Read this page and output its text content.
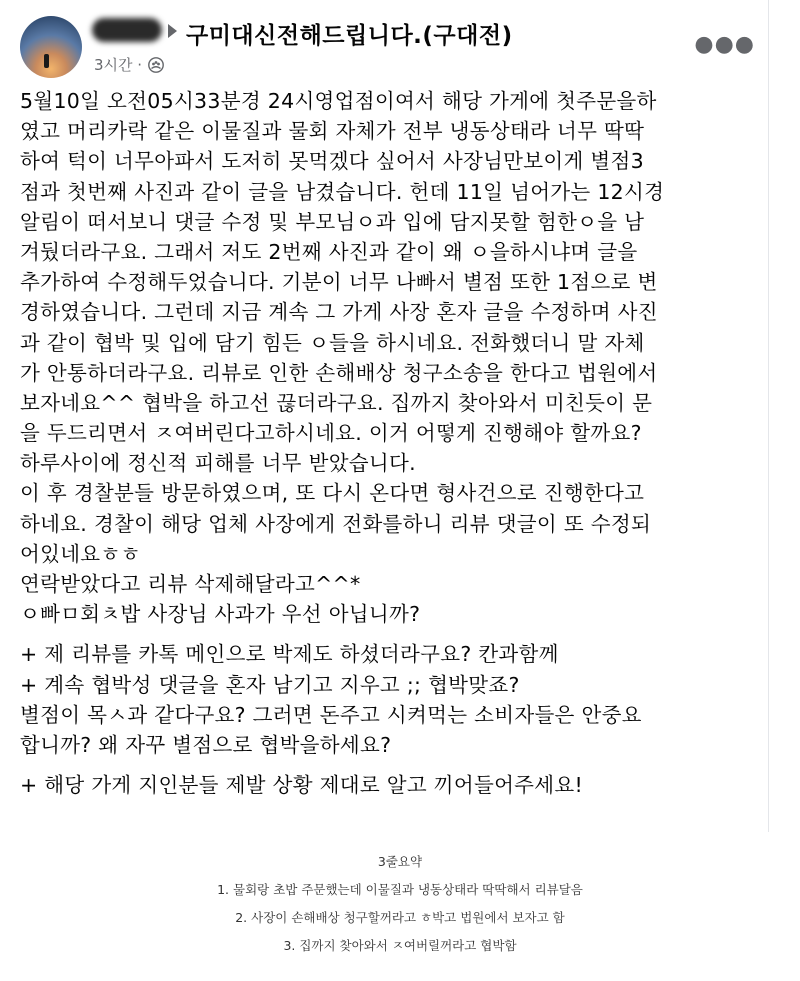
구미대신전해드립니다.(구대전)
3시간 ·
●●●
5월10일 오전05시33분경 24시영업점이여서 해당 가게에 첫주문을하
였고 머리카락 같은 이물질과 물회 자체가 전부 냉동상태라 너무 딱딱
하여 턱이 너무아파서 도저히 못먹겠다 싶어서 사장님만보이게 별점3
점과 첫번째 사진과 같이 글을 남겼습니다. 헌데 11일 넘어가는 12시경
알림이 떠서보니 댓글 수정 및 부모님ㅇ과 입에 담지못할 험한ㅇ을 남
겨뒀더라구요. 그래서 저도 2번째 사진과 같이 왜 ㅇ을하시냐며 글을
추가하여 수정해두었습니다. 기분이 너무 나빠서 별점 또한 1점으로 변
경하였습니다. 그런데 지금 계속 그 가게 사장 혼자 글을 수정하며 사진
과 같이 협박 및 입에 담기 힘든 ㅇ들을 하시네요. 전화했더니 말 자체
가 안통하더라구요. 리뷰로 인한 손해배상 청구소송을 한다고 법원에서
보자네요^^ 협박을 하고선 끊더라구요. 집까지 찾아와서 미친듯이 문
을 두드리면서 ㅈ여버린다고하시네요. 이거 어떻게 진행해야 할까요?
하루사이에 정신적 피해를 너무 받았습니다.
이 후 경찰분들 방문하였으며, 또 다시 온다면 형사건으로 진행한다고
하네요. 경찰이 해당 업체 사장에게 전화를하니 리뷰 댓글이 또 수정되
어있네요ㅎㅎ
연락받았다고 리뷰 삭제해달라고^^*
ㅇ빠ㅁ회ㅊ밥 사장님 사과가 우선 아닙니까?
+ 제 리뷰를 카톡 메인으로 박제도 하셨더라구요? 칸과함께
+ 계속 협박성 댓글을 혼자 남기고 지우고 ;; 협박맞죠?
별점이 목ㅅ과 같다구요? 그러면 돈주고 시켜먹는 소비자들은 안중요
합니까? 왜 자꾸 별점으로 협박을하세요?
+ 해당 가게 지인분들 제발 상황 제대로 알고 끼어들어주세요!
3줄요약
1. 물회랑 초밥 주문했는데 이물질과 냉동상태라 딱딱해서 리뷰달음
2. 사장이 손해배상 청구할꺼라고 ㅎ박고 법원에서 보자고 함
3. 집까지 찾아와서 ㅈ여버릴꺼라고 협박함
